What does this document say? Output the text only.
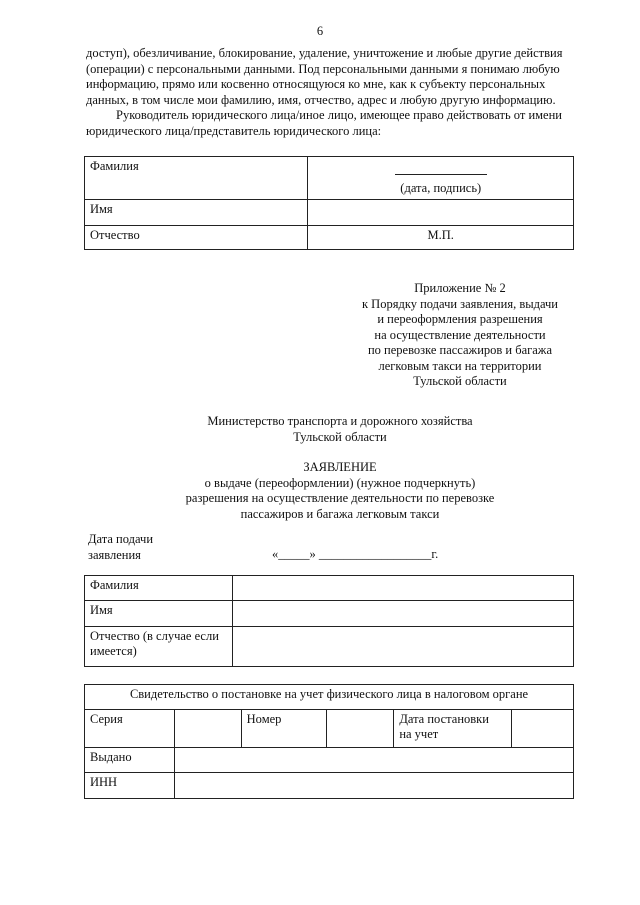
6
доступ), обезличивание, блокирование, удаление, уничтожение и любые другие действия
(операции) с персональными данными. Под персональными данными я понимаю любую
информацию, прямо или косвенно относящуюся ко мне, как к субъекту персональных
данных, в том числе мои фамилию, имя, отчество, адрес и любую другую информацию.
Руководитель юридического лица/иное лицо, имеющее право действовать от имени
юридического лица/представитель юридического лица:
Фамилия	(дата, подпись)

Имя	
Отчество	М.П.
Приложение № 2
к Порядку подачи заявления, выдачи
и переоформления разрешения
на осуществление деятельности
по перевозке пассажиров и багажа
легковым такси на территории
Тульской области
Министерство транспорта и дорожного хозяйства
Тульской области
ЗАЯВЛЕНИЕ
о выдаче (переоформлении) (нужное подчеркнуть)
разрешения на осуществление деятельности по перевозке
пассажиров и багажа легковым такси
Дата подачи
заявления	«_____» __________________г.
Фамилия	
Имя	

Отчество (в случае если
имеется)	

Свидетельство о постановке на учет физического лица в налоговом органе					
Серия		Номер		Дата постановки
на учет	

Выдано					
ИНН					
